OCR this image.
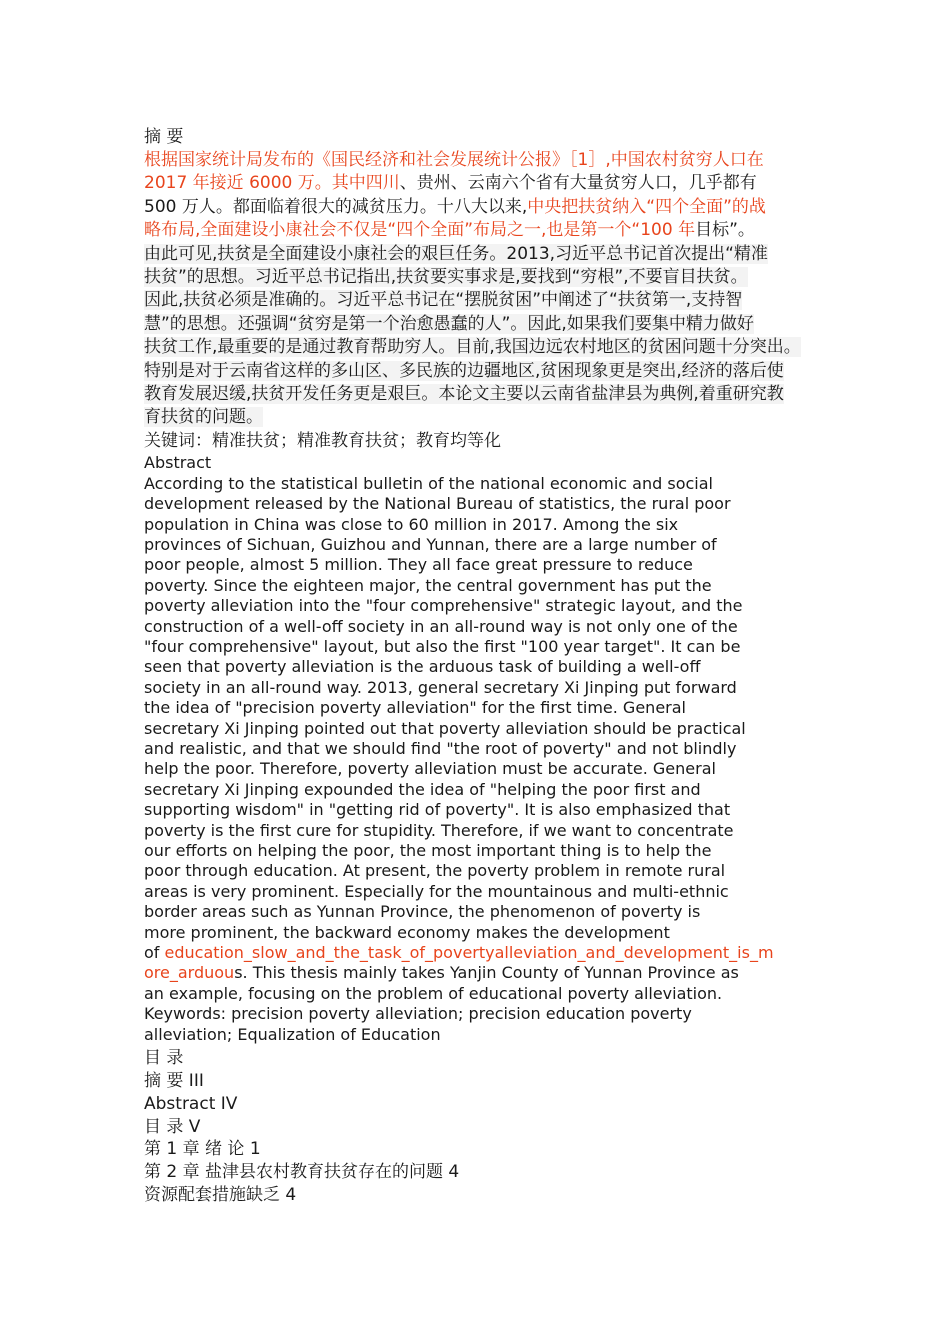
摘 要
根据国家统计局发布的《国民经济和社会发展统计公报》［1］,中国农村贫穷人口在
2017 年接近 6000 万。其中四川、贵州、云南六个省有大量贫穷人口，几乎都有
500 万人。都面临着很大的减贫压力。十八大以来,中央把扶贫纳入“四个全面”的战
略布局,全面建设小康社会不仅是“四个全面”布局之一,也是第一个“100 年目标”。
由此可见,扶贫是全面建设小康社会的艰巨任务。2013,习近平总书记首次提出“精准
扶贫”的思想。习近平总书记指出,扶贫要实事求是,要找到“穷根”,不要盲目扶贫。
因此,扶贫必须是准确的。习近平总书记在“摆脱贫困”中阐述了“扶贫第一,支持智
慧”的思想。还强调“贫穷是第一个治愈愚蠢的人”。因此,如果我们要集中精力做好
扶贫工作,最重要的是通过教育帮助穷人。目前,我国边远农村地区的贫困问题十分突出。
特别是对于云南省这样的多山区、多民族的边疆地区,贫困现象更是突出,经济的落后使
教育发展迟缓,扶贫开发任务更是艰巨。本论文主要以云南省盐津县为典例,着重研究教
育扶贫的问题。
关键词：精准扶贫；精准教育扶贫；教育均等化
Abstract
According to the statistical bulletin of the national economic and social
development released by the National Bureau of statistics, the rural poor
population in China was close to 60 million in 2017. Among the six
provinces of Sichuan, Guizhou and Yunnan, there are a large number of
poor people, almost 5 million. They all face great pressure to reduce
poverty. Since the eighteen major, the central government has put the
poverty alleviation into the "four comprehensive" strategic layout, and the
construction of a well-off society in an all-round way is not only one of the
"four comprehensive" layout, but also the first "100 year target". It can be
seen that poverty alleviation is the arduous task of building a well-off
society in an all-round way. 2013, general secretary Xi Jinping put forward
the idea of "precision poverty alleviation" for the first time. General
secretary Xi Jinping pointed out that poverty alleviation should be practical
and realistic, and that we should find "the root of poverty" and not blindly
help the poor. Therefore, poverty alleviation must be accurate. General
secretary Xi Jinping expounded the idea of "helping the poor first and
supporting wisdom" in "getting rid of poverty". It is also emphasized that
poverty is the first cure for stupidity. Therefore, if we want to concentrate
our efforts on helping the poor, the most important thing is to help the
poor through education. At present, the poverty problem in remote rural
areas is very prominent. Especially for the mountainous and multi-ethnic
border areas such as Yunnan Province, the phenomenon of poverty is
more prominent, the backward economy makes the development
of education_slow_and_the_task_of_povertyalleviation_and_development_is_m
ore_arduous. This thesis mainly takes Yanjin County of Yunnan Province as
an example, focusing on the problem of educational poverty alleviation.
Keywords: precision poverty alleviation; precision education poverty
alleviation; Equalization of Education
目 录
摘 要 III
Abstract IV
目 录 V
第 1 章 绪 论 1
第 2 章 盐津县农村教育扶贫存在的问题 4
资源配套措施缺乏 4
